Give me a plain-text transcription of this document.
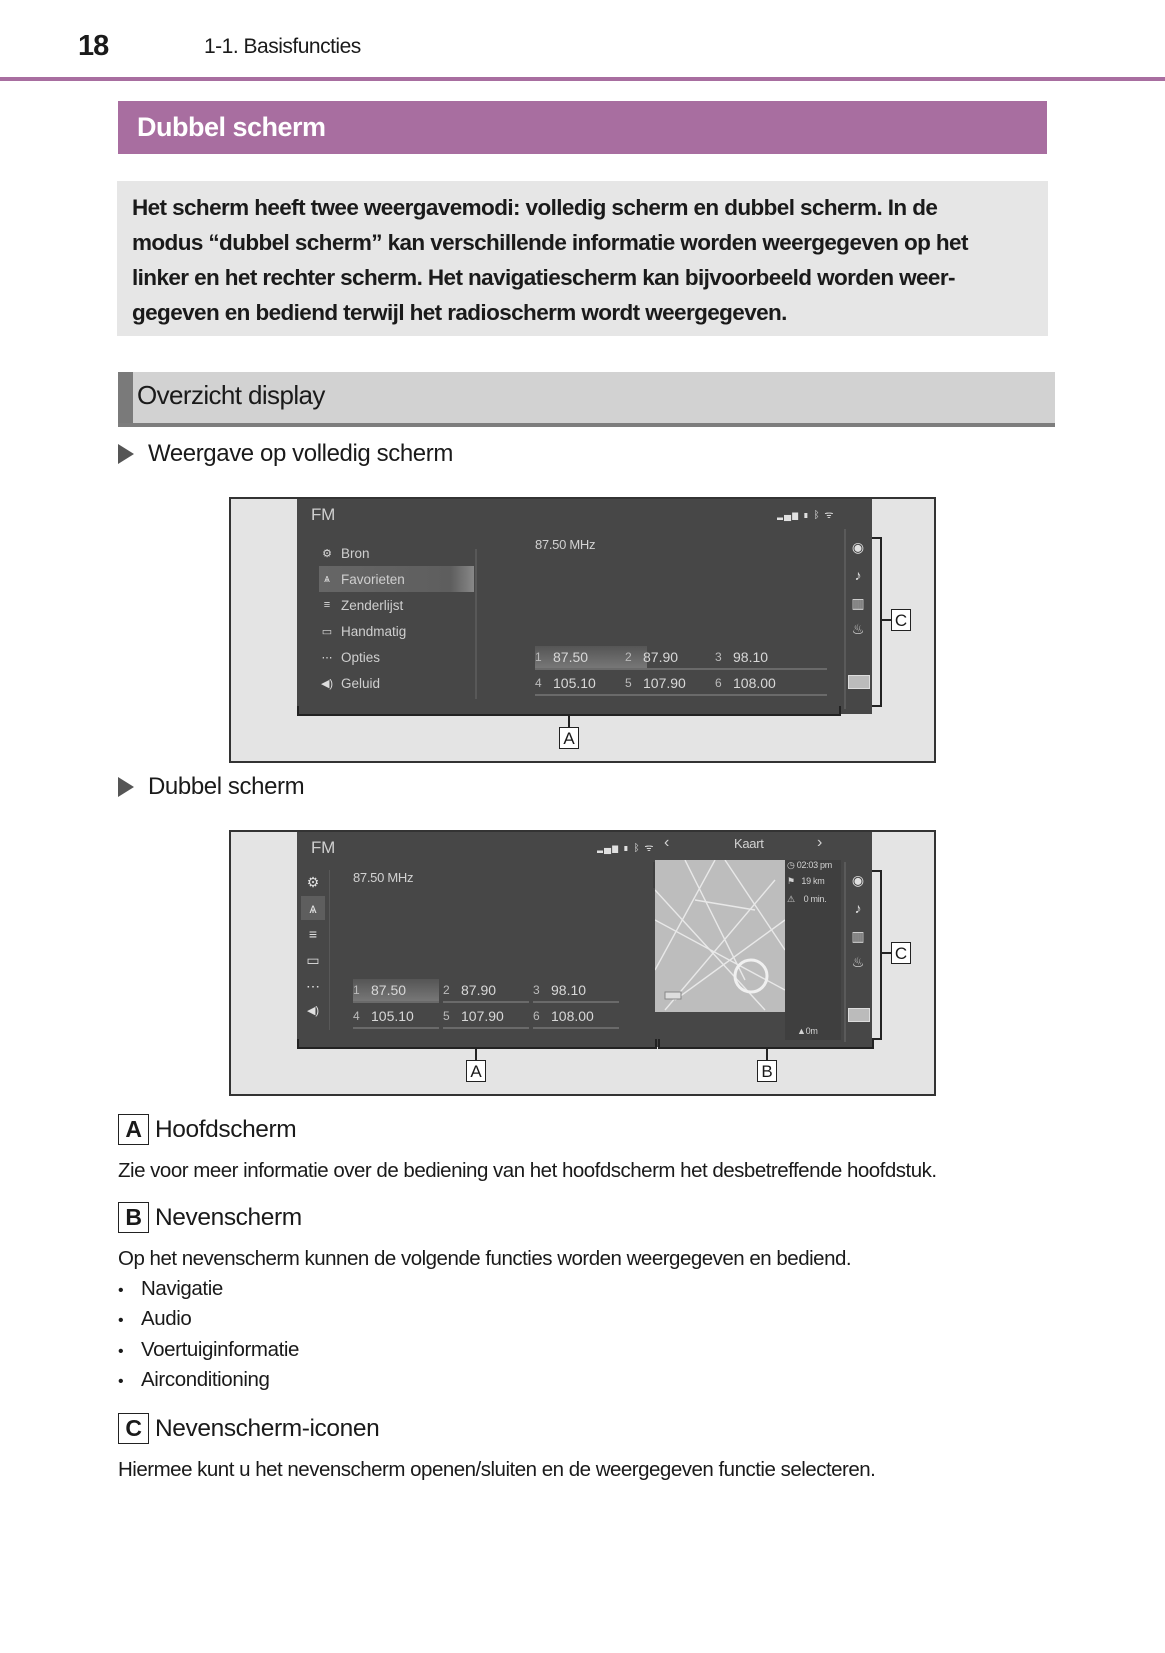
18	1-1. Basisfuncties
Dubbel scherm
Het scherm heeft twee weergavemodi: volledig scherm en dubbel scherm. In de
modus “dubbel scherm” kan verschillende informatie worden weergegeven op het
linker en het rechter scherm. Het navigatiescherm kan bijvoorbeeld worden weer-
gegeven en bediend terwijl het radioscherm wordt weergegeven.
Overzicht display
Weergave op volledig scherm
FM	▂▄▆ ▮ ᛒ ᯤ
87.50 MHz
⚙ Bron
ѧ Favorieten
≡ Zenderlijst
▭ Handmatig
⋯ Opties
◀) Geluid
1 87.50	2 87.90	3 98.10
4 105.10 5 107.90 6 108.00
◉
♪
▥
♨
A
C
Dubbel scherm
FM	▂▄▆ ▮ ᛒ ᯤ
87.50 MHz
⚙
ѧ
≡
▭
⋯
◀)
1 87.50	2 87.90	3 98.10
4 105.10 5 107.90 6 108.00
‹	Kaart	›
◷ 02:03 pm
⚑ 19 km
⚠ 0 min.
▲0m
◉
♪
▥
♨
A	B
C
A Hoofdscherm
Zie voor meer informatie over de bediening van het hoofdscherm het desbetreffende hoofdstuk.
B Nevenscherm
Op het nevenscherm kunnen de volgende functies worden weergegeven en bediend.
• Navigatie
• Audio
• Voertuiginformatie
• Airconditioning
C Nevenscherm-iconen
Hiermee kunt u het nevenscherm openen/sluiten en de weergegeven functie selecteren.
